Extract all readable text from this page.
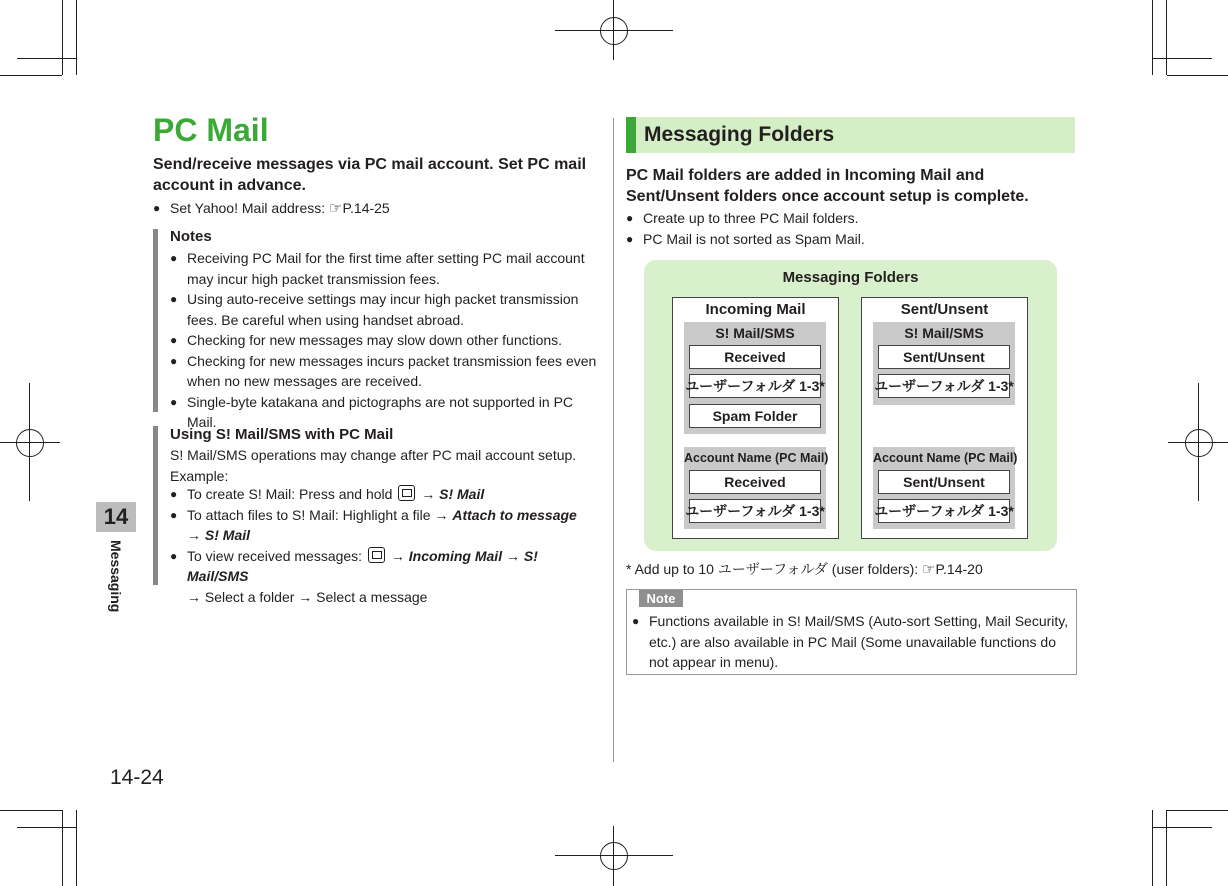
14
Messaging
14-24
PC Mail
Send/receive messages via PC mail account. Set PC mail account in advance.
● Set Yahoo! Mail address: ☞P.14-25
Notes
● Receiving PC Mail for the first time after setting PC mail account may incur high packet transmission fees.
● Using auto-receive settings may incur high packet transmission fees. Be careful when using handset abroad.
● Checking for new messages may slow down other functions.
● Checking for new messages incurs packet transmission fees even when no new messages are received.
● Single-byte katakana and pictographs are not supported in PC Mail.
Using S! Mail/SMS with PC Mail
S! Mail/SMS operations may change after PC mail account setup.
Example:
● To create S! Mail: Press and hold  → S! Mail
● To attach files to S! Mail: Highlight a file → Attach to message
→ S! Mail
● To view received messages:  → Incoming Mail → S! Mail/SMS
→ Select a folder → Select a message
Messaging Folders
PC Mail folders are added in Incoming Mail and Sent/Unsent folders once account setup is complete.
● Create up to three PC Mail folders.
● PC Mail is not sorted as Spam Mail.
Messaging Folders
Incoming Mail
S! Mail/SMS
Received
ユーザーフォルダ 1-3*
Spam Folder
Account Name (PC Mail)
Received
ユーザーフォルダ 1-3*
Sent/Unsent
S! Mail/SMS
Sent/Unsent
ユーザーフォルダ 1-3*
Account Name (PC Mail)
Sent/Unsent
ユーザーフォルダ 1-3*
* Add up to 10 ユーザーフォルダ (user folders): ☞P.14-20
Note
● Functions available in S! Mail/SMS (Auto-sort Setting, Mail Security, etc.) are also available in PC Mail (Some unavailable functions do not appear in menu).
